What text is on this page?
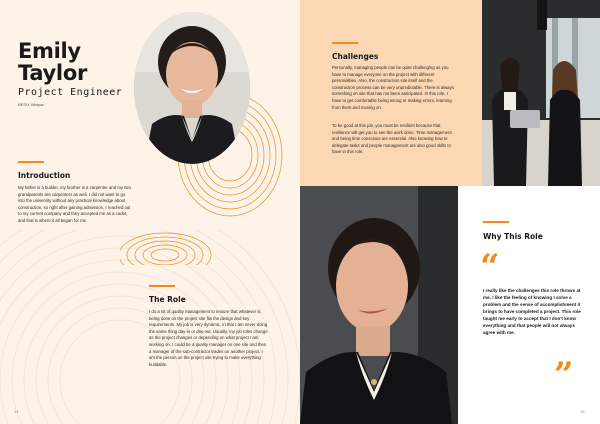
Emily
Taylor
Project Engineer
BESIX Watpac
Introduction
My father is a builder, my brother is a carpenter and my two grandparents are carpenters as well. I did not want to go into the university without any practical knowledge about construction, so right after gaining admission, I reached out to my current company and they accepted me as a cadet, and that is where it all began for me.
The Role
I do a lot of quality management to ensure that whatever is being done on the project site fits the design and key requirements. My job is very dynamic, in that I am never doing the same thing day-in or day-out. Usually, my job roles change as the project changes or depending on what project I am working on. I could be a quality manager on one site and then a manager of the sub-contractor trades on another project. I am the person on the project site trying to make everything buildable.
14
Challenges
Personally, managing people can be quite challenging as you have to manage everyone on the project with different personalities. Also, the construction site itself and the construction process can be very unpredictable. There is always something on site that has not been anticipated. In this role, I have to get comfortable being wrong or making errors, learning from them and moving on.
To be good at this job, you must be resilient because that resilience will get you to see the work done. Time management and being time conscious are essential. Also knowing how to delegate tasks and people management are also good skills to have in this role.
Why This Role
“
I really like the challenges this role throws at me. I like the feeling of knowing I solve a problem and the sense of accomplishment it brings to have completed a project. This role taught me early to accept that I don't know everything and that people will not always agree with me.
”
15
